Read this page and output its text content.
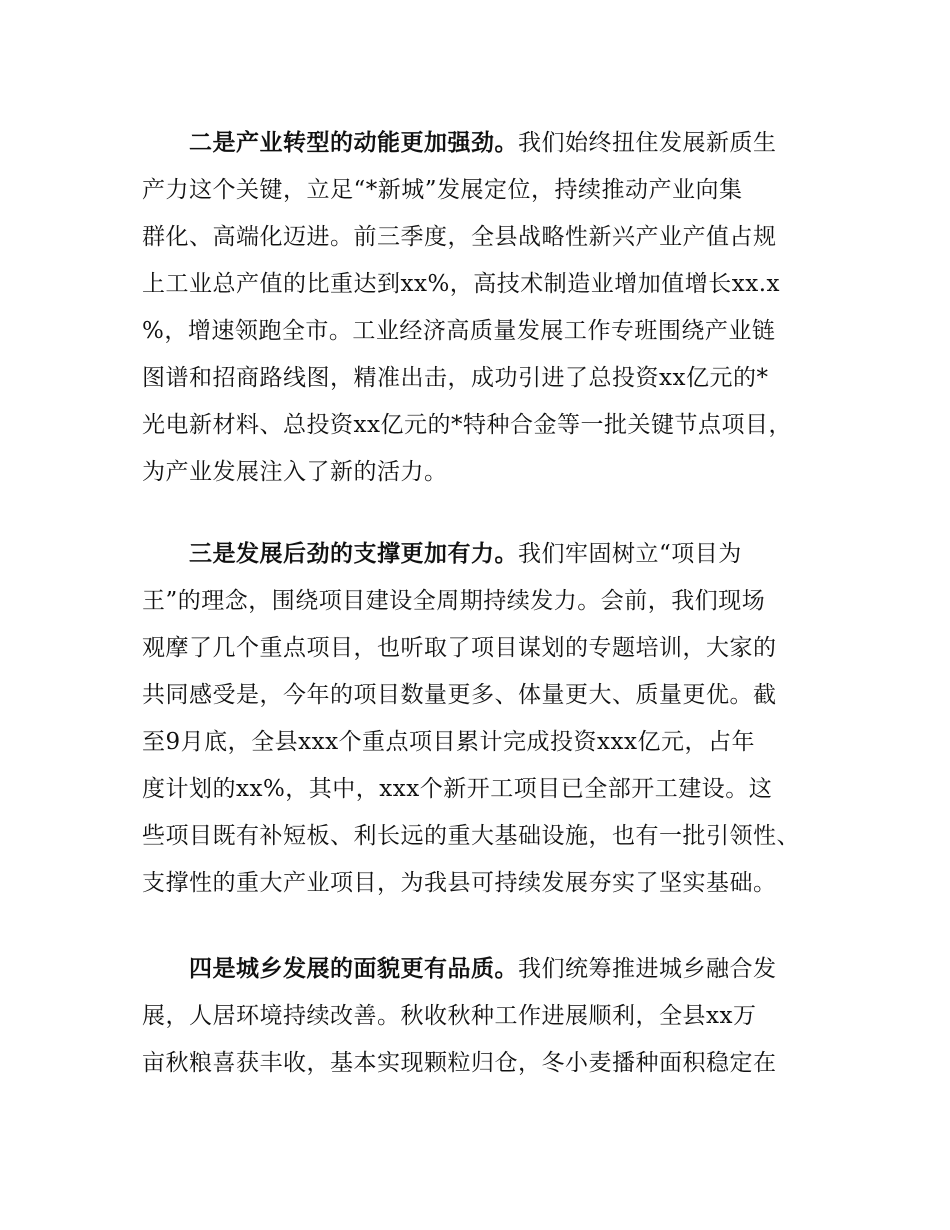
二是产业转型的动能更加强劲。我们始终扭住发展新质生
产力这个关键，立足“*新城”发展定位，持续推动产业向集
群化、高端化迈进。前三季度，全县战略性新兴产业产值占规
上工业总产值的比重达到xx%，高技术制造业增加值增长xx.x
%，增速领跑全市。工业经济高质量发展工作专班围绕产业链
图谱和招商路线图，精准出击，成功引进了总投资xx亿元的*
光电新材料、总投资xx亿元的*特种合金等一批关键节点项目，
为产业发展注入了新的活力。
三是发展后劲的支撑更加有力。我们牢固树立“项目为
王”的理念，围绕项目建设全周期持续发力。会前，我们现场
观摩了几个重点项目，也听取了项目谋划的专题培训，大家的
共同感受是，今年的项目数量更多、体量更大、质量更优。截
至9月底，全县xxx个重点项目累计完成投资xxx亿元，占年
度计划的xx%，其中，xxx个新开工项目已全部开工建设。这
些项目既有补短板、利长远的重大基础设施，也有一批引领性、
支撑性的重大产业项目，为我县可持续发展夯实了坚实基础。
四是城乡发展的面貌更有品质。我们统筹推进城乡融合发
展，人居环境持续改善。秋收秋种工作进展顺利，全县xx万
亩秋粮喜获丰收，基本实现颗粒归仓，冬小麦播种面积稳定在
